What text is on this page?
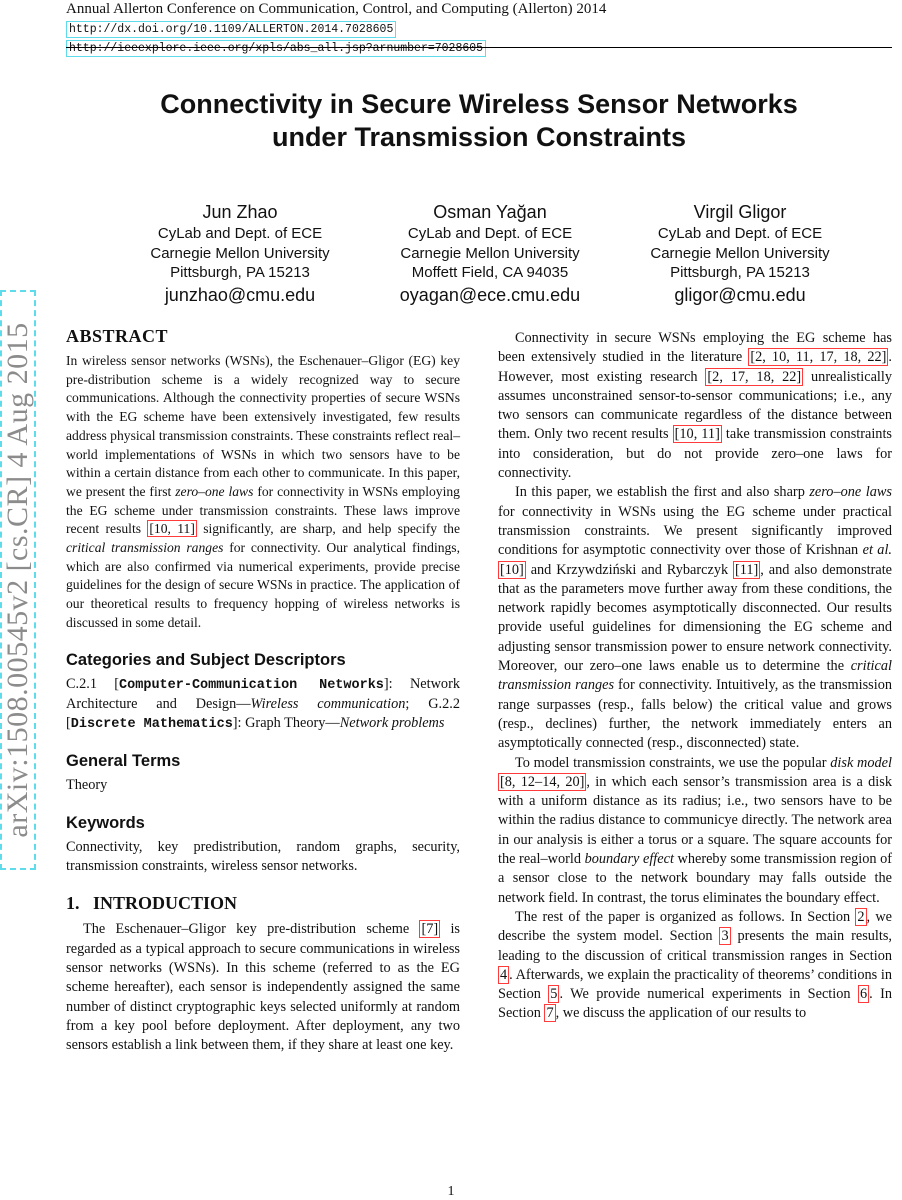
Annual Allerton Conference on Communication, Control, and Computing (Allerton) 2014

http://dx.doi.org/10.1109/ALLERTON.2014.7028605
http://ieeexplore.ieee.org/xpls/abs_all.jsp?arnumber=7028605
arXiv:1508.00545v2 [cs.CR] 4 Aug 2015
Connectivity in Secure Wireless Sensor Networks
under Transmission Constraints
Jun Zhao
CyLab and Dept. of ECE
Carnegie Mellon University
Pittsburgh, PA 15213
junzhao@cmu.edu
Osman Yağan
CyLab and Dept. of ECE
Carnegie Mellon University
Moffett Field, CA 94035
oyagan@ece.cmu.edu
Virgil Gligor
CyLab and Dept. of ECE
Carnegie Mellon University
Pittsburgh, PA 15213
gligor@cmu.edu
ABSTRACT

In wireless sensor networks (WSNs), the Eschenauer–Gligor (EG) key pre-distribution scheme is a widely recognized way to secure communications. Although the connectivity properties of secure WSNs with the EG scheme have been extensively investigated, few results address physical transmission constraints. These constraints reflect real–world implementations of WSNs in which two sensors have to be within a certain distance from each other to communicate. In this paper, we present the first zero–one laws for connectivity in WSNs employing the EG scheme under transmission constraints. These laws improve recent results [10, 11] significantly, are sharp, and help specify the critical transmission ranges for connectivity. Our analytical findings, which are also confirmed via numerical experiments, provide precise guidelines for the design of secure WSNs in practice. The application of our theoretical results to frequency hopping of wireless networks is discussed in some detail.

Categories and Subject Descriptors

C.2.1 [Computer-Communication Networks]: Network Architecture and Design—Wireless communication; G.2.2 [Discrete Mathematics]: Graph Theory—Network problems

General Terms

Theory

Keywords

Connectivity, key predistribution, random graphs, security, transmission constraints, wireless sensor networks.

1.   INTRODUCTION

The Eschenauer–Gligor key pre-distribution scheme [7] is regarded as a typical approach to secure communications in wireless sensor networks (WSNs). In this scheme (referred to as the EG scheme hereafter), each sensor is independently assigned the same number of distinct cryptographic keys selected uniformly at random from a key pool before deployment. After deployment, any two sensors establish a link between them, if they share at least one key.

Connectivity in secure WSNs employing the EG scheme has been extensively studied in the literature [2, 10, 11, 17, 18, 22] . However, most existing research [2, 17, 18, 22] unrealistically assumes unconstrained sensor-to-sensor communications; i.e., any two sensors can communicate regardless of the distance between them. Only two recent results [10, 11] take transmission constraints into consideration, but do not provide zero–one laws for connectivity.

In this paper, we establish the first and also sharp zero–one laws for connectivity in WSNs using the EG scheme under practical transmission constraints. We present significantly improved conditions for asymptotic connectivity over those of Krishnan et al. [10] and Krzywdziński and Rybarczyk [11] , and also demonstrate that as the parameters move further away from these conditions, the network rapidly becomes asymptotically disconnected. Our results provide useful guidelines for dimensioning the EG scheme and adjusting sensor transmission power to ensure network connectivity. Moreover, our zero–one laws enable us to determine the critical transmission ranges for connectivity. Intuitively, as the transmission range surpasses (resp., falls below) the critical value and grows (resp., declines) further, the network immediately enters an asymptotically connected (resp., disconnected) state.

To model transmission constraints, we use the popular disk model [8, 12–14, 20] , in which each sensor’s transmission area is a disk with a uniform distance as its radius; i.e., two sensors have to be within the radius distance to communicye directly. The network area in our analysis is either a torus or a square. The square accounts for the real–world boundary effect whereby some transmission region of a sensor close to the network boundary may falls outside the network field. In contrast, the torus eliminates the boundary effect.

The rest of the paper is organized as follows. In Section 2 , we describe the system model. Section 3 presents the main results, leading to the discussion of critical transmission ranges in Section 4 . Afterwards, we explain the practicality of theorems’ conditions in Section 5 . We provide numerical experiments in Section 6 . In Section 7 , we discuss the application of our results to

1
